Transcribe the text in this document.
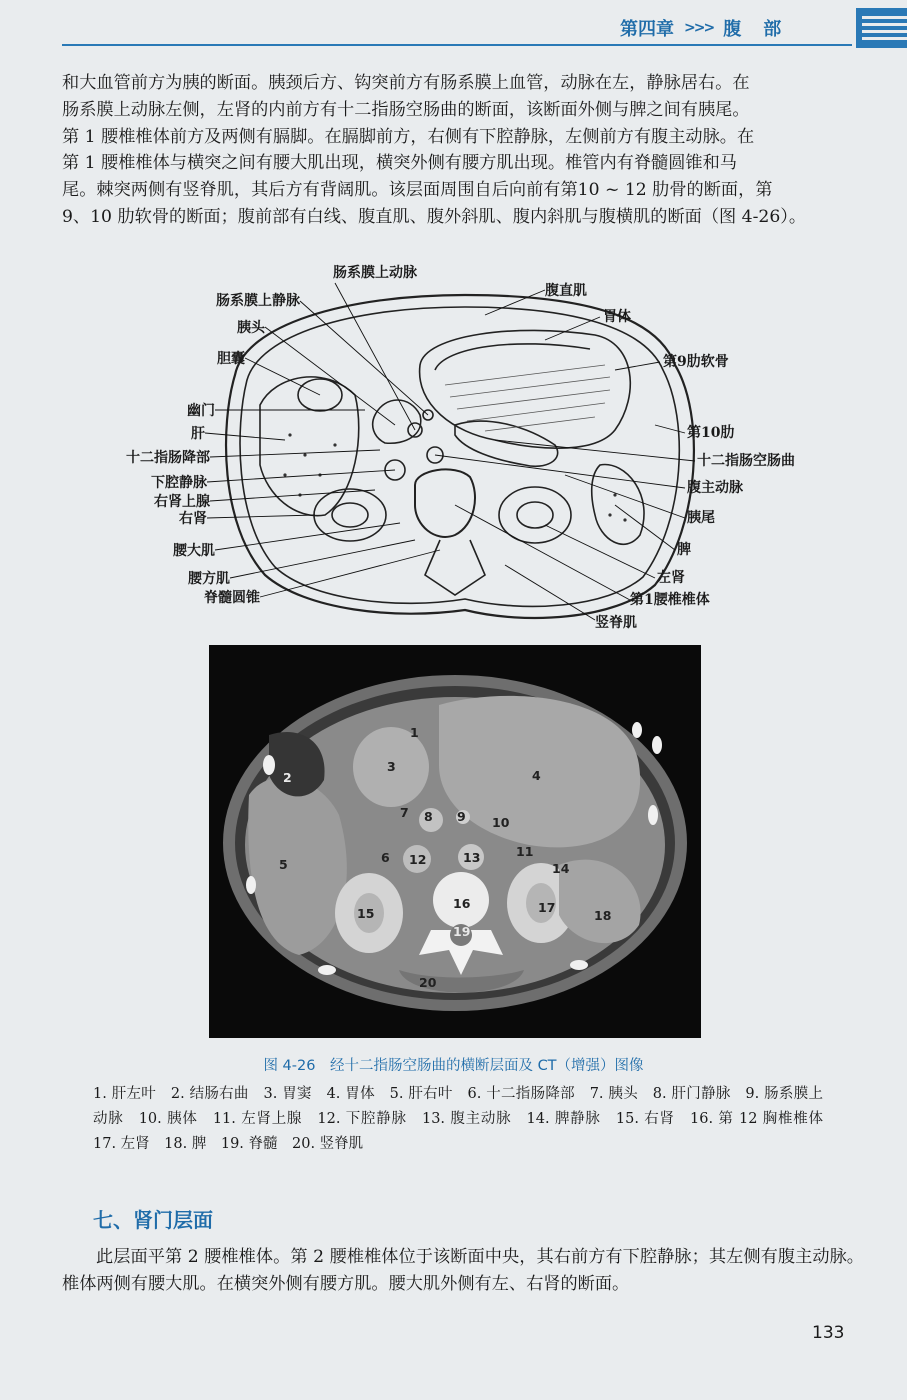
第四章 >>> 腹部

和大血管前方为胰的断面。胰颈后方、钩突前方有肠系膜上血管，动脉在左，静脉居右。在

肠系膜上动脉左侧，左肾的内前方有十二指肠空肠曲的断面，该断面外侧与脾之间有胰尾。

第 1 腰椎椎体前方及两侧有膈脚。在膈脚前方，右侧有下腔静脉，左侧前方有腹主动脉。在

第 1 腰椎椎体与横突之间有腰大肌出现，横突外侧有腰方肌出现。椎管内有脊髓圆锥和马

尾。棘突两侧有竖脊肌，其后方有背阔肌。该层面周围自后向前有第10 ~ 12 肋骨的断面，第

9、10 肋软骨的断面；腹前部有白线、腹直肌、腹外斜肌、腹内斜肌与腹横肌的断面（图 4-26）。

肠系膜上动脉
腹直肌
肠系膜上静脉
胰头
胆囊
幽门
肝
十二指肠降部
下腔静脉
右肾上腺
右肾
腰大肌
腰方肌
脊髓圆锥
胃体
第9肋软骨
第10肋
十二指肠空肠曲
腹主动脉
胰尾
脾
左肾
第1腰椎椎体
竖脊肌
1
2
3
4
5	6
7 8 9 10
11
12	13
14
15
16	17
18
19
20
图 4-26　经十二指肠空肠曲的横断层面及 CT（增强）图像
1. 肝左叶　2. 结肠右曲　3. 胃窦　4. 胃体　5. 肝右叶　6. 十二指肠降部　7. 胰头　8. 肝门静脉　9. 肠系膜上动脉　10. 胰体　11. 左肾上腺　12. 下腔静脉　13. 腹主动脉　14. 脾静脉　15. 右肾　16. 第 12 胸椎椎体　17. 左肾　18. 脾　19. 脊髓　20. 竖脊肌
七、肾门层面
此层面平第 2 腰椎椎体。第 2 腰椎椎体位于该断面中央，其右前方有下腔静脉；其左侧有腹主动脉。椎体两侧有腰大肌。在横突外侧有腰方肌。腰大肌外侧有左、右肾的断面。
133
